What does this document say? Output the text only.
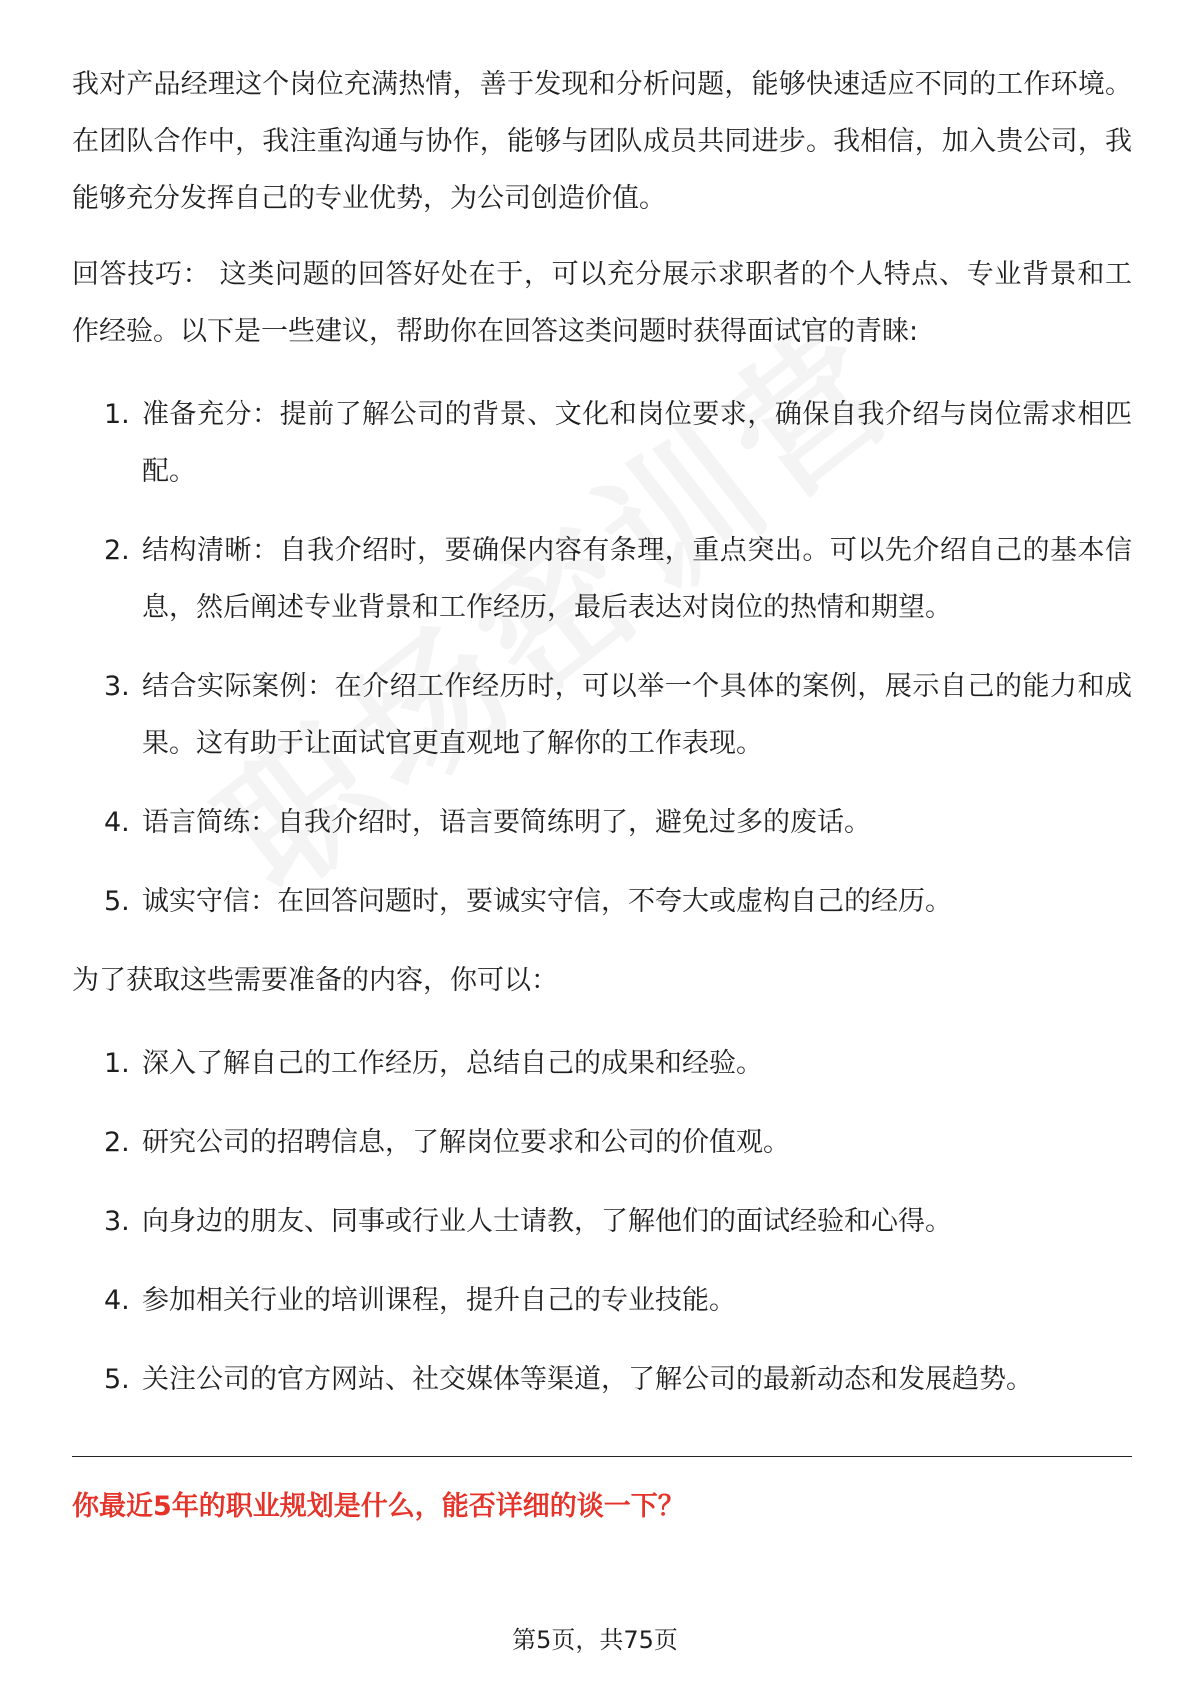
我对产品经理这个岗位充满热情，善于发现和分析问题，能够快速适应不同的工作环境。在团队合作中，我注重沟通与协作，能够与团队成员共同进步。我相信，加入贵公司，我能够充分发挥自己的专业优势，为公司创造价值。

回答技巧： 这类问题的回答好处在于，可以充分展示求职者的个人特点、专业背景和工作经验。以下是一些建议，帮助你在回答这类问题时获得面试官的青睐:

1. 准备充分：提前了解公司的背景、文化和岗位要求，确保自我介绍与岗位需求相匹配。
2. 结构清晰：自我介绍时，要确保内容有条理，重点突出。可以先介绍自己的基本信息，然后阐述专业背景和工作经历，最后表达对岗位的热情和期望。
3. 结合实际案例：在介绍工作经历时，可以举一个具体的案例，展示自己的能力和成果。这有助于让面试官更直观地了解你的工作表现。
4. 语言简练：自我介绍时，语言要简练明了，避免过多的废话。
5. 诚实守信：在回答问题时，要诚实守信，不夸大或虚构自己的经历。

为了获取这些需要准备的内容，你可以：

1. 深入了解自己的工作经历，总结自己的成果和经验。
2. 研究公司的招聘信息，了解岗位要求和公司的价值观。
3. 向身边的朋友、同事或行业人士请教，了解他们的面试经验和心得。
4. 参加相关行业的培训课程，提升自己的专业技能。
5. 关注公司的官方网站、社交媒体等渠道，了解公司的最新动态和发展趋势。

你最近5年的职业规划是什么，能否详细的谈一下？

第5页，共75页
